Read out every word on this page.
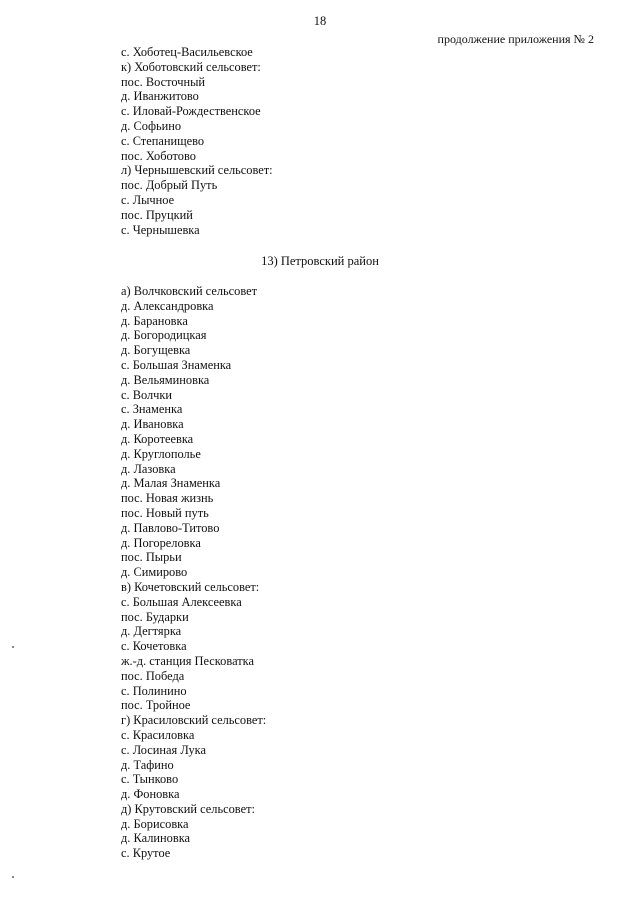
18
продолжение приложения № 2
с. Хоботец-Васильевское
к) Хоботовский сельсовет:
пос. Восточный
д. Иванжитово
с. Иловай-Рождественское
д. Софьино
с. Степанищево
пос. Хоботово
л) Чернышевский сельсовет:
пос. Добрый Путь
с. Лычное
пос. Пруцкий
с. Чернышевка
13) Петровский район
а) Волчковский сельсовет
д. Александровка
д. Барановка
д. Богородицкая
д. Богущевка
с. Большая Знаменка
д. Вельяминовка
с. Волчки
с. Знаменка
д. Ивановка
д. Коротеевка
д. Круглополье
д. Лазовка
д. Малая Знаменка
пос. Новая жизнь
пос. Новый путь
д. Павлово-Титово
д. Погореловка
пос. Пырьи
д. Симирово
в) Кочетовский сельсовет:
с. Большая Алексеевка
пос. Бударки
д. Дегтярка
с. Кочетовка
ж.-д. станция Песковатка
пос. Победа
с. Полинино
пос. Тройное
г) Красиловский сельсовет:
с. Красиловка
с. Лосиная Лука
д. Тафино
с. Тынково
д. Фоновка
д) Крутовский сельсовет:
д. Борисовка
д. Калиновка
с. Крутое
